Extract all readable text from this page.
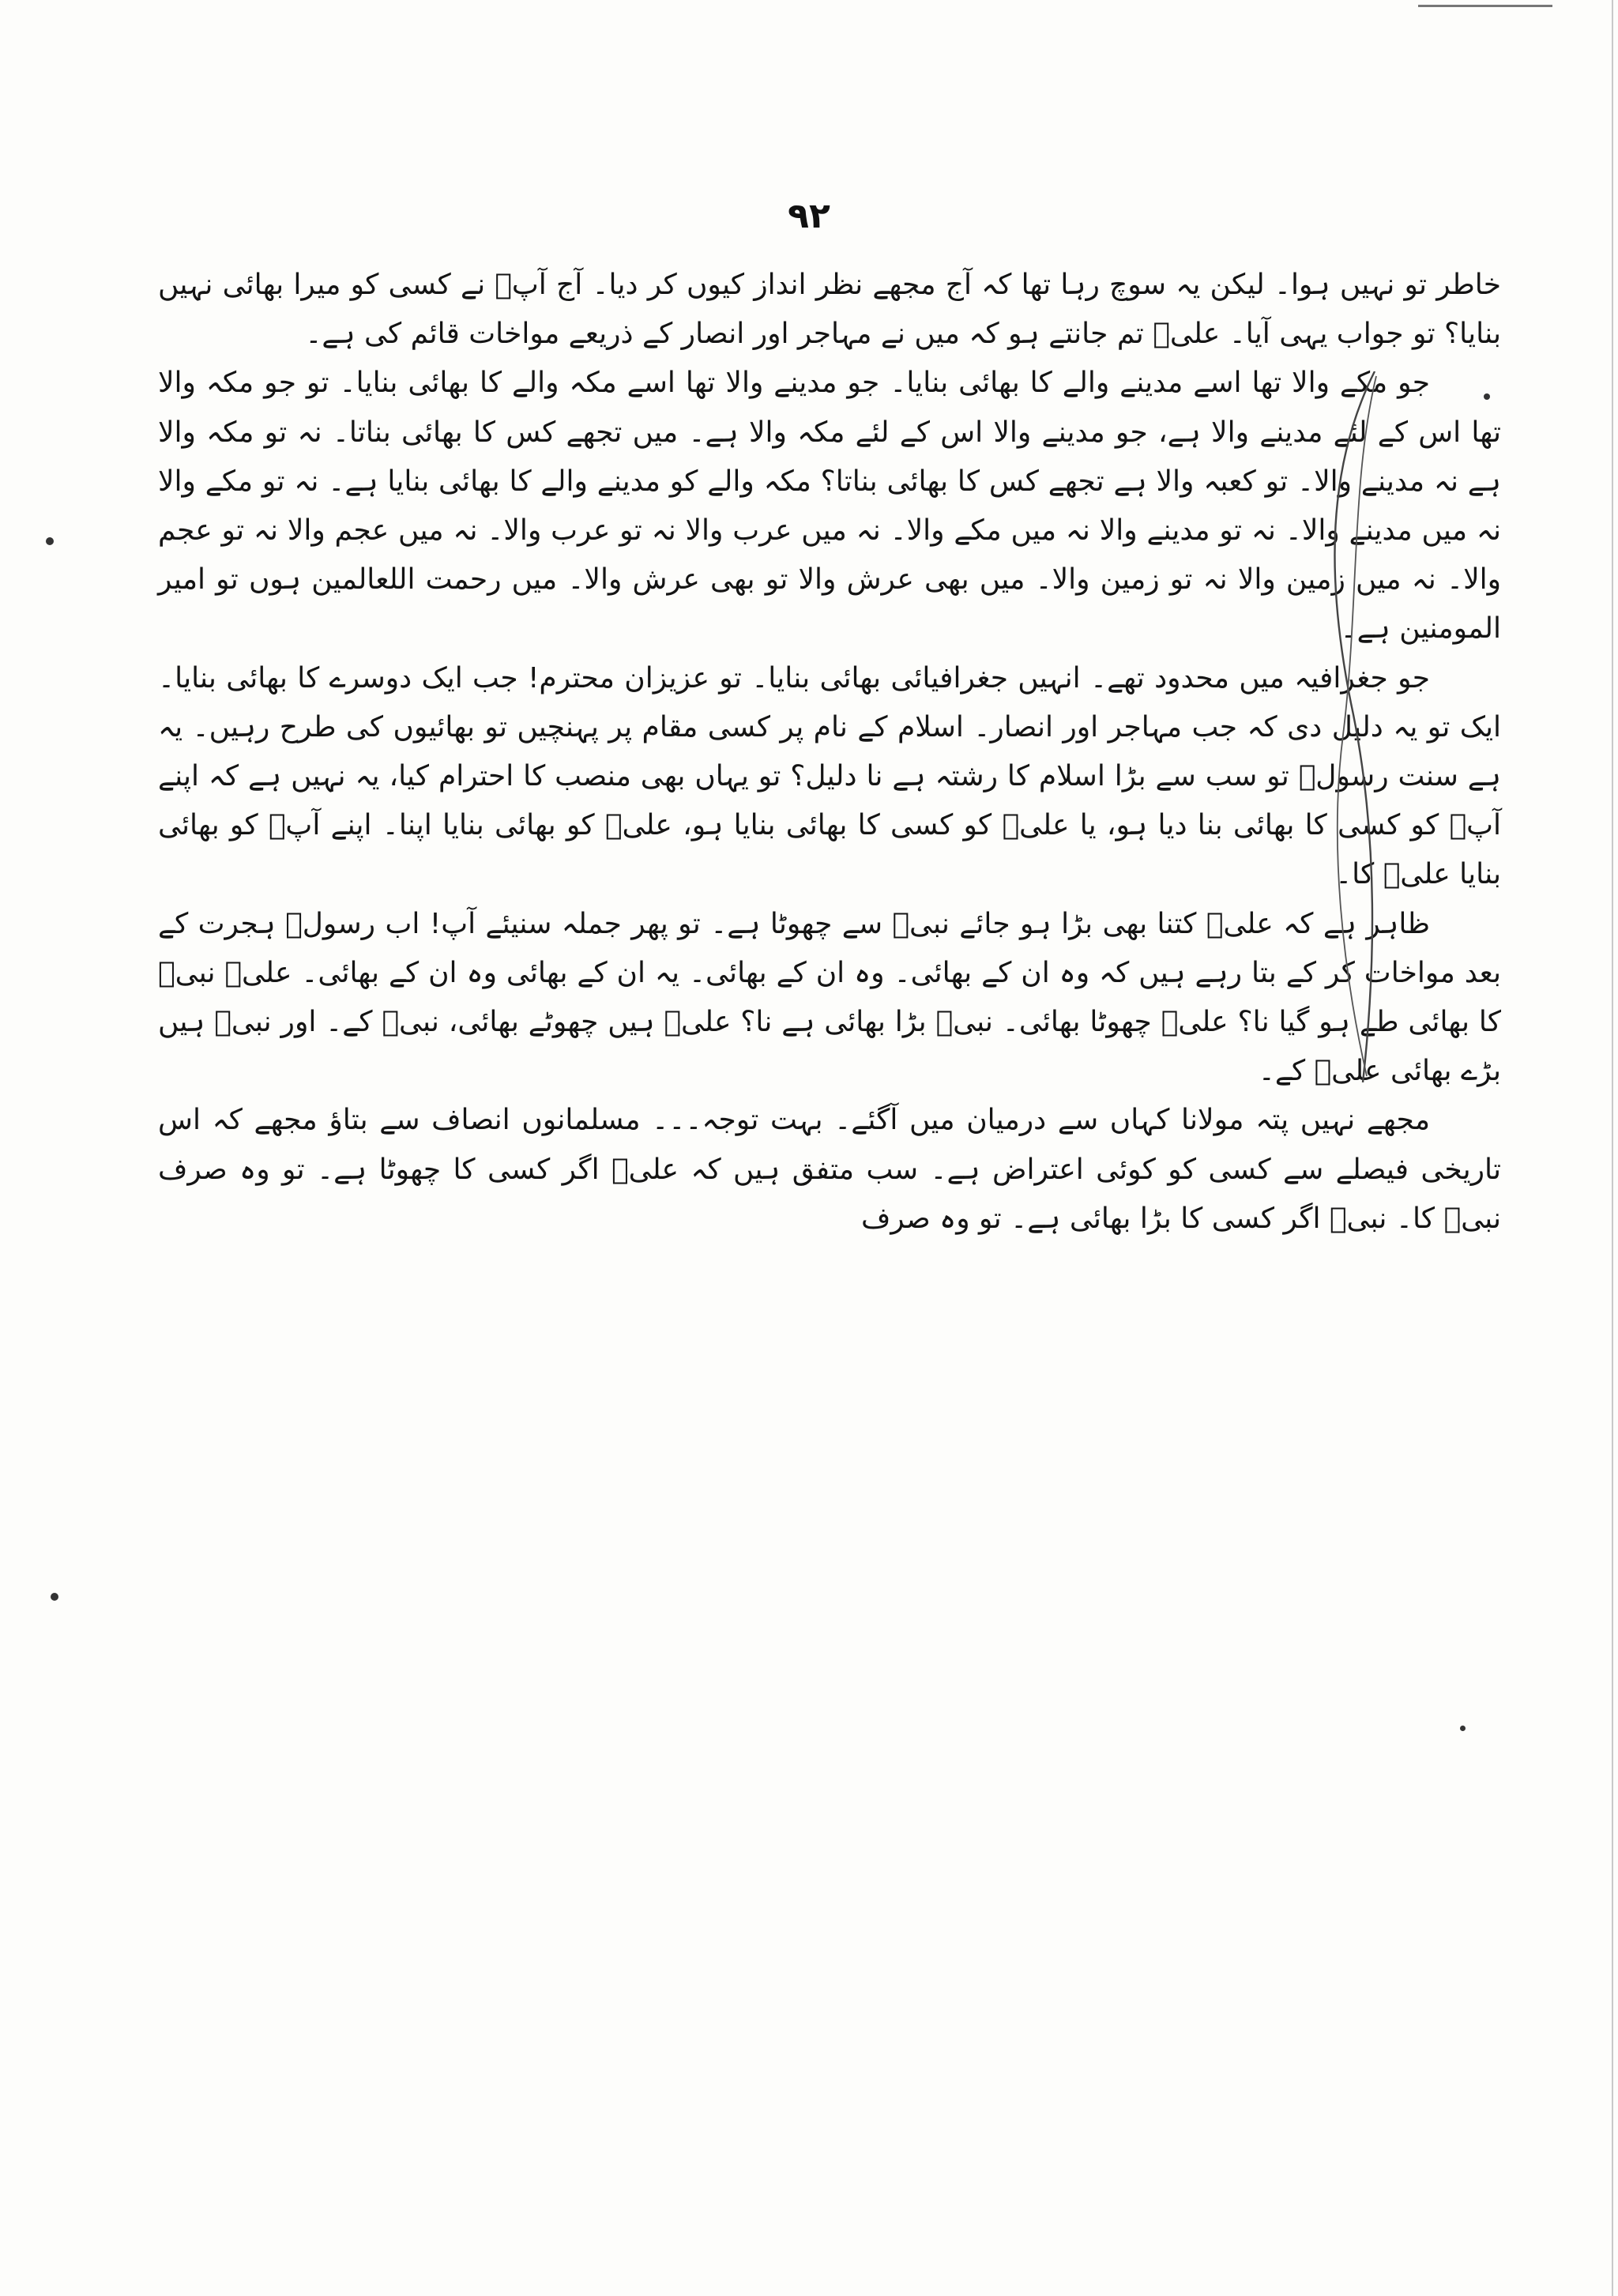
٩٢

خاطر تو نہیں ہوا۔ لیکن یہ سوچ رہا تھا کہ آج مجھے نظر انداز کیوں کر دیا۔ آج آپؐ نے کسی کو میرا بھائی نہیں بنایا؟ تو جواب یہی آیا۔ علیؑ تم جانتے ہو کہ میں نے مہاجر اور انصار کے ذریعے مواخات قائم کی ہے۔

جو مکے والا تھا اسے مدینے والے کا بھائی بنایا۔ جو مدینے والا تھا اسے مکہ والے کا بھائی بنایا۔ تو جو مکہ والا تھا اس کے لئے مدینے والا ہے، جو مدینے والا اس کے لئے مکہ والا ہے۔ میں تجھے کس کا بھائی بناتا۔ نہ تو مکہ والا ہے نہ مدینے والا۔ تو کعبہ والا ہے تجھے کس کا بھائی بناتا؟ مکہ والے کو مدینے والے کا بھائی بنایا ہے۔ نہ تو مکے والا نہ میں مدینے والا۔ نہ تو مدینے والا نہ میں مکے والا۔ نہ میں عرب والا نہ تو عرب والا۔ نہ میں عجم والا نہ تو عجم والا۔ نہ میں زمین والا نہ تو زمین والا۔ میں بھی عرش والا تو بھی عرش والا۔ میں رحمت اللعالمین ہوں تو امیر المومنین ہے۔

جو جغرافیہ میں محدود تھے۔ انہیں جغرافیائی بھائی بنایا۔ تو عزیزان محترم! جب ایک دوسرے کا بھائی بنایا۔ ایک تو یہ دلیل دی کہ جب مہاجر اور انصار۔ اسلام کے نام پر کسی مقام پر پہنچیں تو بھائیوں کی طرح رہیں۔ یہ ہے سنت رسولؐ تو سب سے بڑا اسلام کا رشتہ ہے نا دلیل؟ تو یہاں بھی منصب کا احترام کیا، یہ نہیں ہے کہ اپنے آپؐ کو کسی کا بھائی بنا دیا ہو، یا علیؑ کو کسی کا بھائی بنایا ہو، علیؑ کو بھائی بنایا اپنا۔ اپنے آپؐ کو بھائی بنایا علیؑ کا۔

ظاہر ہے کہ علیؑ کتنا بھی بڑا ہو جائے نبیؐ سے چھوٹا ہے۔ تو پھر جملہ سنیئے آپ! اب رسولؐ ہجرت کے بعد مواخات کر کے بتا رہے ہیں کہ وہ ان کے بھائی۔ وہ ان کے بھائی۔ یہ ان کے بھائی وہ ان کے بھائی۔ علیؑ نبیؐ کا بھائی طے ہو گیا نا؟ علیؑ چھوٹا بھائی۔ نبیؐ بڑا بھائی ہے نا؟ علیؑ ہیں چھوٹے بھائی، نبیؐ کے۔ اور نبیؐ ہیں بڑے بھائی علیؑ کے۔

مجھے نہیں پتہ مولانا کہاں سے درمیان میں آگئے۔ بہت توجہ۔۔۔ مسلمانوں انصاف سے بتاؤ مجھے کہ اس تاریخی فیصلے سے کسی کو کوئی اعتراض ہے۔ سب متفق ہیں کہ علیؑ اگر کسی کا چھوٹا ہے۔ تو وہ صرف نبیؐ کا۔ نبیؐ اگر کسی کا بڑا بھائی ہے۔ تو وہ صرف
